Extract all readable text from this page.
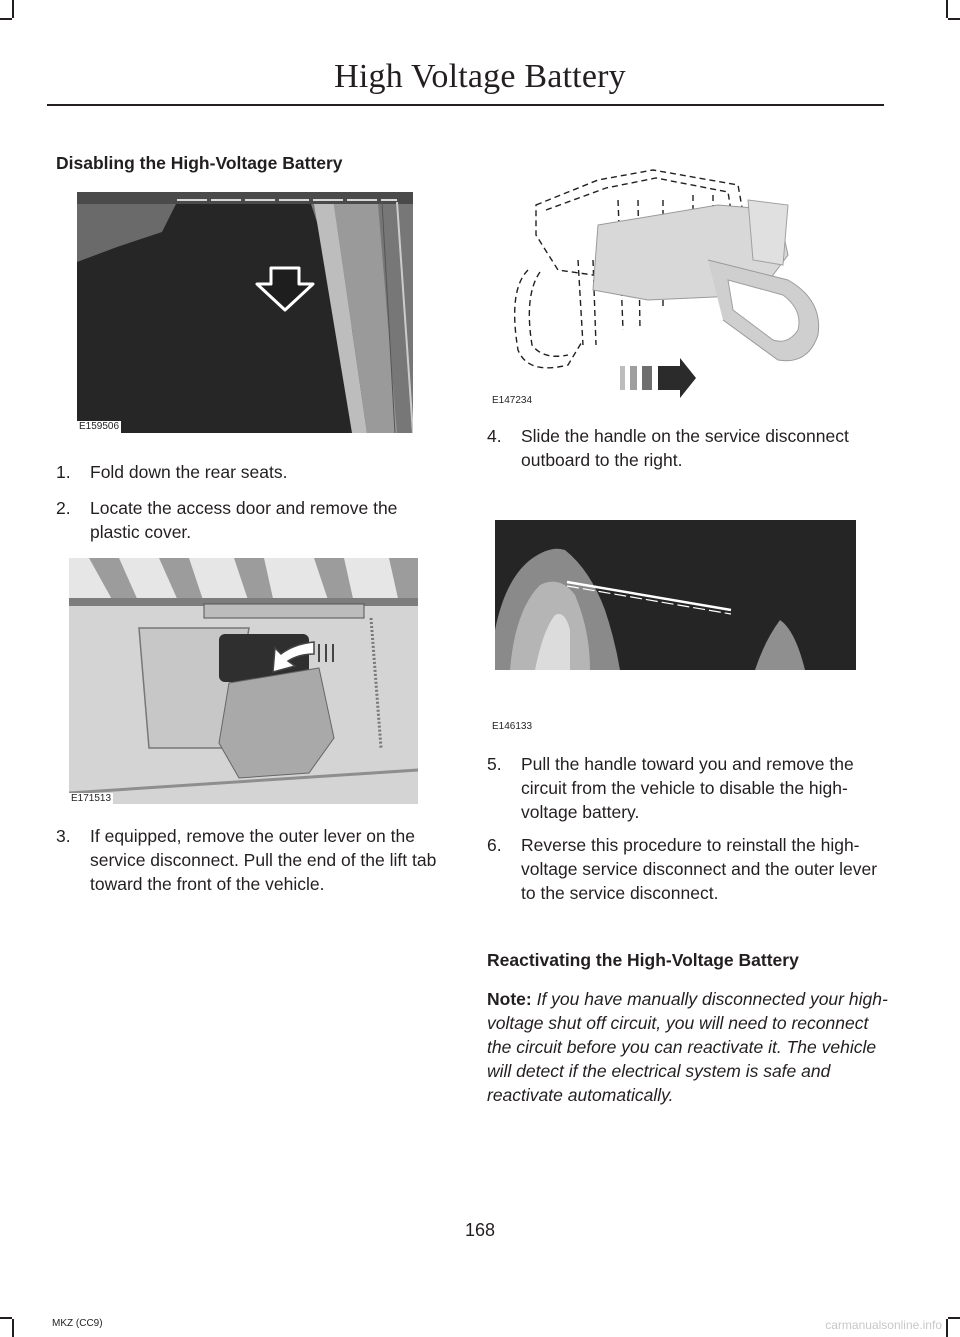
High Voltage Battery
Disabling the High-Voltage Battery
E159506
1. Fold down the rear seats.
2. Locate the access door and remove the plastic cover.
E171513
3. If equipped, remove the outer lever on the service disconnect. Pull the end of the lift tab toward the front of the vehicle.
E147234
4. Slide the handle on the service disconnect outboard to the right.
E146133
5. Pull the handle toward you and remove the circuit from the vehicle to disable the high-voltage battery.
6. Reverse this procedure to reinstall the high-voltage service disconnect and the outer lever to the service disconnect.
Reactivating the High-Voltage Battery
Note: If you have manually disconnected your high-voltage shut off circuit, you will need to reconnect the circuit before you can reactivate it. The vehicle will detect if the electrical system is safe and reactivate automatically.
168
MKZ (CC9)	carmanualsonline.info
